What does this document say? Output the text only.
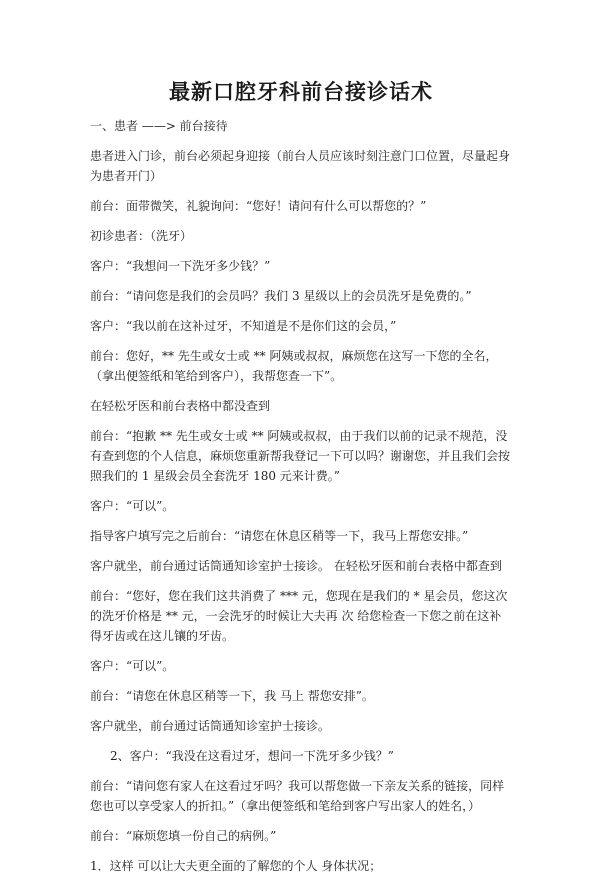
最新口腔牙科前台接诊话术

一、患者 ——> 前台接待

患者进入门诊，前台必须起身迎接（前台人员应该时刻注意门口位置，尽量起身为患者开门）

前台：面带微笑，礼貌询问：“您好！请问有什么可以帮您的？”

初诊患者：（洗牙）

客户：“我想问一下洗牙多少钱？”

前台：“请问您是我们的会员吗？我们 3 星级以上的会员洗牙是免费的。”

客户：“我以前在这补过牙，不知道是不是你们这的会员，”

前台：您好，** 先生或女士或 ** 阿姨或叔叔，麻烦您在这写一下您的全名，（拿出便签纸和笔给到客户），我帮您查一下”。

在轻松牙医和前台表格中都没查到

前台：“抱歉 ** 先生或女士或 ** 阿姨或叔叔，由于我们以前的记录不规范，没有查到您的个人信息，麻烦您重新帮我登记一下可以吗？谢谢您，并且我们会按照我们的 1 星级会员全套洗牙 180 元来计费。”

客户：“可以”。

指导客户填写完之后前台：“请您在休息区稍等一下，我马上帮您安排。”

客户就坐，前台通过话筒通知诊室护士接诊。 在轻松牙医和前台表格中都查到

前台：“您好，您在我们这共消费了 *** 元，您现在是我们的 * 星会员，您这次的洗牙价格是 ** 元，一会洗牙的时候让大夫再 次 给您检查一下您之前在这补得牙齿或在这儿镶的牙齿。

客户：“可以”。

前台：“请您在休息区稍等一下，我 马上 帮您安排”。

客户就坐，前台通过话筒通知诊室护士接诊。

2、客户：“我没在这看过牙，想问一下洗牙多少钱？”

前台：“请问您有家人在这看过牙吗？我可以帮您做一下亲友关系的链接，同样您也可以享受家人的折扣。”（拿出便签纸和笔给到客户写出家人的姓名，）

前台：“麻烦您填一份自己的病例。”

1．这样 可以让大夫更全面的了解您的个人 身体状况；
